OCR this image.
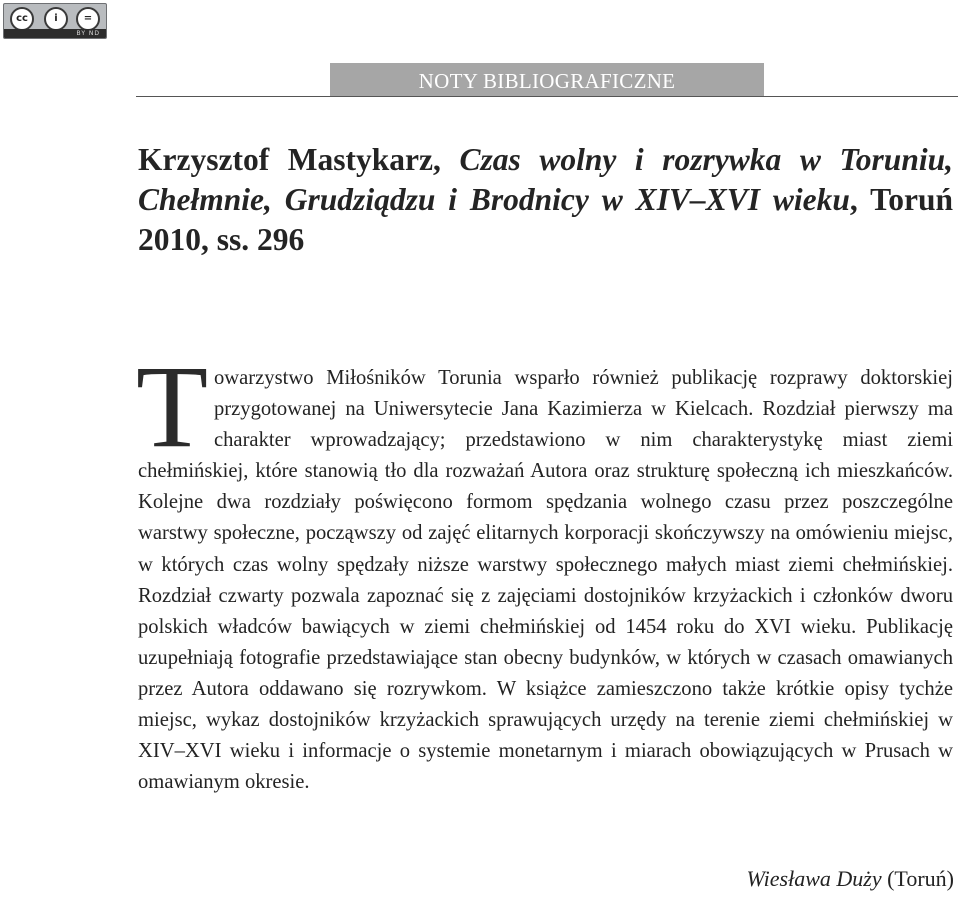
cc	i	=
BY ND
NOTY BIBLIOGRAFICZNE
Krzysztof Mastykarz, Czas wolny i rozrywka w Toruniu, Chełmnie, Grudziądzu i Brodnicy w XIV–XVI wieku, Toruń 2010, ss. 296
T owarzystwo Miłośników Torunia wsparło również publikację rozprawy doktorskiej przygotowanej na Uniwersytecie Jana Kazimierza w Kielcach. Rozdział pierwszy ma charakter wprowadzający; przedstawiono w nim charakterystykę miast ziemi chełmińskiej, które stanowią tło dla rozważań Autora oraz strukturę społeczną ich mieszkańców. Kolejne dwa rozdziały poświęcono formom spędzania wolnego czasu przez poszczególne warstwy społeczne, począwszy od zajęć elitarnych korporacji skończywszy na omówieniu miejsc, w których czas wolny spędzały niższe warstwy społecznego małych miast ziemi chełmińskiej. Rozdział czwarty pozwala zapoznać się z zajęciami dostojników krzyżackich i członków dworu polskich władców bawiących w ziemi chełmińskiej od 1454 roku do XVI wieku. Publikację uzupełniają fotografie przedstawiające stan obecny budynków, w których w czasach omawianych przez Autora oddawano się rozrywkom. W książce zamieszczono także krótkie opisy tychże miejsc, wykaz dostojników krzyżackich sprawujących urzędy na terenie ziemi chełmińskiej w XIV–XVI wieku i informacje o systemie monetarnym i miarach obowiązujących w Prusach w omawianym okresie.

Wiesława Duży (Toruń)
